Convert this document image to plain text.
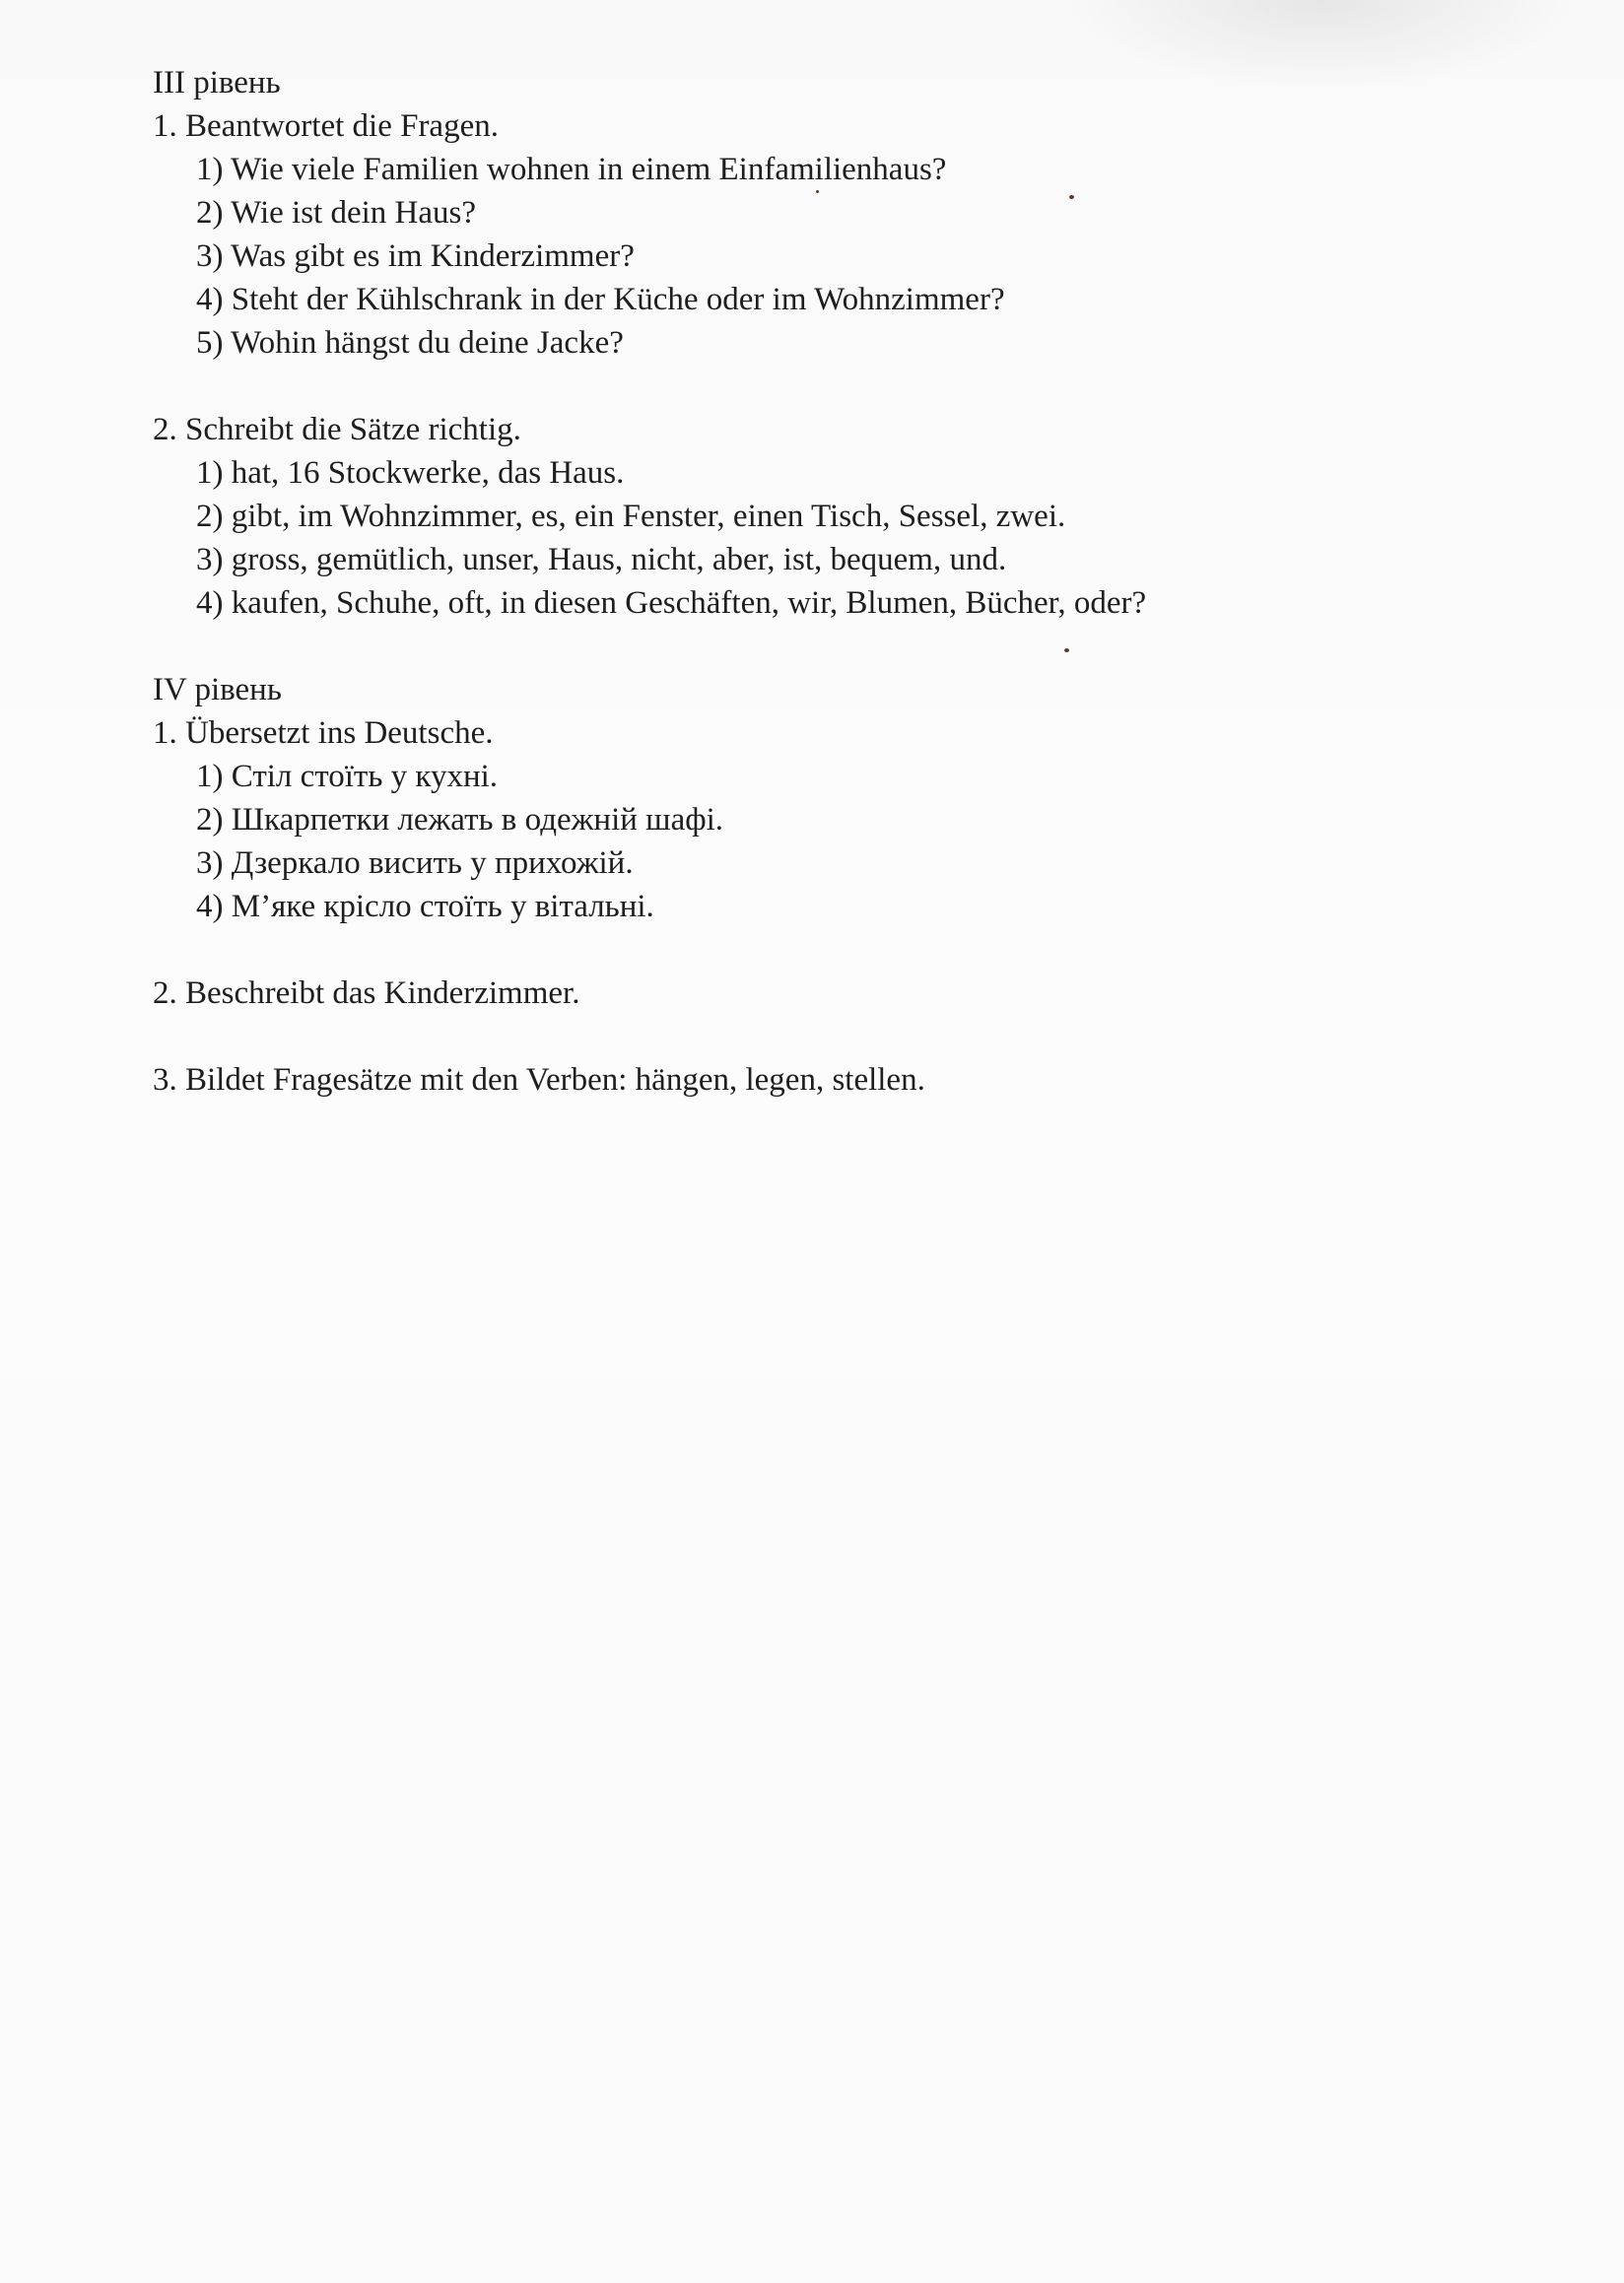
III рівень
1. Beantwortet die Fragen.
1) Wie viele Familien wohnen in einem Einfamilienhaus?
2) Wie ist dein Haus?
3) Was gibt es im Kinderzimmer?
4) Steht der Kühlschrank in der Küche oder im Wohnzimmer?
5) Wohin hängst du deine Jacke?
2. Schreibt die Sätze richtig.
1) hat, 16 Stockwerke, das Haus.
2) gibt, im Wohnzimmer, es, ein Fenster, einen Tisch, Sessel, zwei.
3) gross, gemütlich, unser, Haus, nicht, aber, ist, bequem, und.
4) kaufen, Schuhe, oft, in diesen Geschäften, wir, Blumen, Bücher, oder?
IV рівень
1. Übersetzt ins Deutsche.
1) Стіл стоїть у кухні.
2) Шкарпетки лежать в одежній шафі.
3) Дзеркало висить у прихожій.
4) М’яке крісло стоїть у вітальні.
2. Beschreibt das Kinderzimmer.
3. Bildet Fragesätze mit den Verben: hängen, legen, stellen.
